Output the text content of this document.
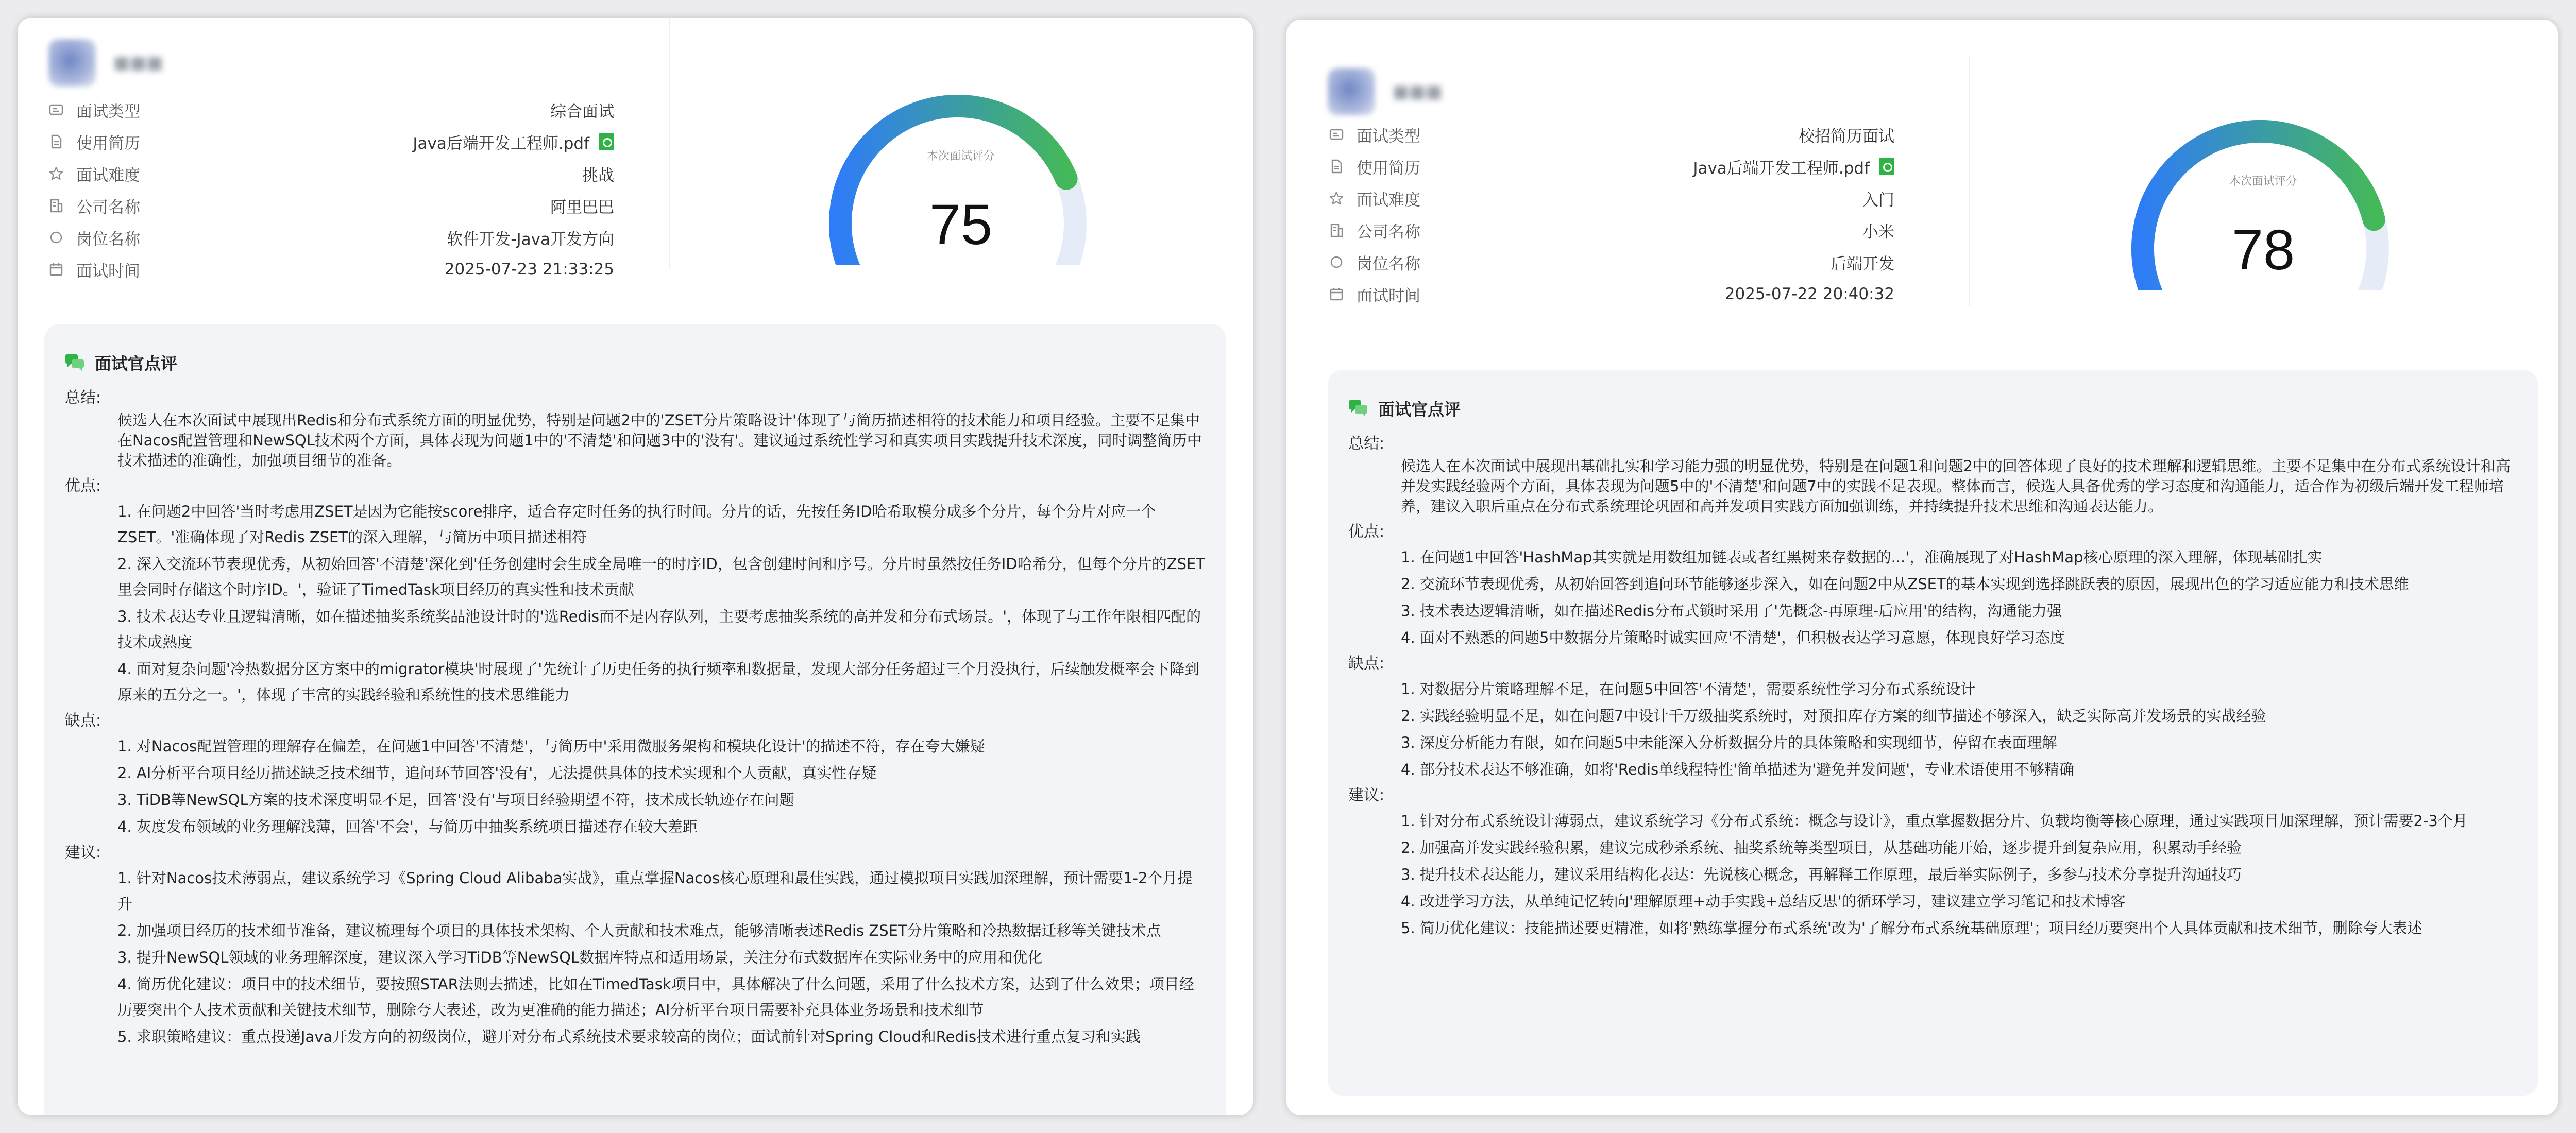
■■■
面试类型	综合面试
使用简历	Java后端开发工程师.pdf
面试难度	挑战
公司名称	阿里巴巴
岗位名称	软件开发-Java开发方向
面试时间	2025-07-23 21:33:25
本次面试评分
75
面试官点评
总结:
候选人在本次面试中展现出Redis和分布式系统方面的明显优势，特别是问题2中的'ZSET分片策略设计'体现了与简历描述相符的技术能力和项目经验。主要不足集中在Nacos配置管理和NewSQL技术两个方面，具体表现为问题1中的'不清楚'和问题3中的'没有'。建议通过系统性学习和真实项目实践提升技术深度，同时调整简历中技术描述的准确性，加强项目细节的准备。
优点:
1. 在问题2中回答'当时考虑用ZSET是因为它能按score排序，适合存定时任务的执行时间。分片的话，先按任务ID哈希取模分成多个分片，每个分片对应一个ZSET。'准确体现了对Redis ZSET的深入理解，与简历中项目描述相符
2. 深入交流环节表现优秀，从初始回答'不清楚'深化到'任务创建时会生成全局唯一的时序ID，包含创建时间和序号。分片时虽然按任务ID哈希分，但每个分片的ZSET里会同时存储这个时序ID。'，验证了TimedTask项目经历的真实性和技术贡献
3. 技术表达专业且逻辑清晰，如在描述抽奖系统奖品池设计时的'选Redis而不是内存队列，主要考虑抽奖系统的高并发和分布式场景。'，体现了与工作年限相匹配的技术成熟度
4. 面对复杂问题'冷热数据分区方案中的migrator模块'时展现了'先统计了历史任务的执行频率和数据量，发现大部分任务超过三个月没执行，后续触发概率会下降到原来的五分之一。'，体现了丰富的实践经验和系统性的技术思维能力
缺点:
1. 对Nacos配置管理的理解存在偏差，在问题1中回答'不清楚'，与简历中'采用微服务架构和模块化设计'的描述不符，存在夸大嫌疑
2. AI分析平台项目经历描述缺乏技术细节，追问环节回答'没有'，无法提供具体的技术实现和个人贡献，真实性存疑
3. TiDB等NewSQL方案的技术深度明显不足，回答'没有'与项目经验期望不符，技术成长轨迹存在问题
4. 灰度发布领域的业务理解浅薄，回答'不会'，与简历中抽奖系统项目描述存在较大差距
建议:
1. 针对Nacos技术薄弱点，建议系统学习《Spring Cloud Alibaba实战》，重点掌握Nacos核心原理和最佳实践，通过模拟项目实践加深理解，预计需要1-2个月提升
2. 加强项目经历的技术细节准备，建议梳理每个项目的具体技术架构、个人贡献和技术难点，能够清晰表述Redis ZSET分片策略和冷热数据迁移等关键技术点
3. 提升NewSQL领域的业务理解深度，建议深入学习TiDB等NewSQL数据库特点和适用场景，关注分布式数据库在实际业务中的应用和优化
4. 简历优化建议：项目中的技术细节，要按照STAR法则去描述，比如在TimedTask项目中，具体解决了什么问题，采用了什么技术方案，达到了什么效果；项目经历要突出个人技术贡献和关键技术细节，删除夸大表述，改为更准确的能力描述；AI分析平台项目需要补充具体业务场景和技术细节
5. 求职策略建议：重点投递Java开发方向的初级岗位，避开对分布式系统技术要求较高的岗位；面试前针对Spring Cloud和Redis技术进行重点复习和实践
■■■
面试类型	校招简历面试
使用简历	Java后端开发工程师.pdf
面试难度	入门
公司名称	小米
岗位名称	后端开发
面试时间	2025-07-22 20:40:32
本次面试评分
78
面试官点评
总结:
候选人在本次面试中展现出基础扎实和学习能力强的明显优势，特别是在问题1和问题2中的回答体现了良好的技术理解和逻辑思维。主要不足集中在分布式系统设计和高并发实践经验两个方面，具体表现为问题5中的'不清楚'和问题7中的实践不足表现。整体而言，候选人具备优秀的学习态度和沟通能力，适合作为初级后端开发工程师培养，建议入职后重点在分布式系统理论巩固和高并发项目实践方面加强训练，并持续提升技术思维和沟通表达能力。
优点:
1. 在问题1中回答'HashMap其实就是用数组加链表或者红黑树来存数据的...'，准确展现了对HashMap核心原理的深入理解，体现基础扎实
2. 交流环节表现优秀，从初始回答到追问环节能够逐步深入，如在问题2中从ZSET的基本实现到选择跳跃表的原因，展现出色的学习适应能力和技术思维
3. 技术表达逻辑清晰，如在描述Redis分布式锁时采用了'先概念-再原理-后应用'的结构，沟通能力强
4. 面对不熟悉的问题5中数据分片策略时诚实回应'不清楚'，但积极表达学习意愿，体现良好学习态度
缺点:
1. 对数据分片策略理解不足，在问题5中回答'不清楚'，需要系统性学习分布式系统设计
2. 实践经验明显不足，如在问题7中设计千万级抽奖系统时，对预扣库存方案的细节描述不够深入，缺乏实际高并发场景的实战经验
3. 深度分析能力有限，如在问题5中未能深入分析数据分片的具体策略和实现细节，停留在表面理解
4. 部分技术表达不够准确，如将'Redis单线程特性'简单描述为'避免并发问题'，专业术语使用不够精确
建议:
1. 针对分布式系统设计薄弱点，建议系统学习《分布式系统：概念与设计》，重点掌握数据分片、负载均衡等核心原理，通过实践项目加深理解，预计需要2-3个月
2. 加强高并发实践经验积累，建议完成秒杀系统、抽奖系统等类型项目，从基础功能开始，逐步提升到复杂应用，积累动手经验
3. 提升技术表达能力，建议采用结构化表达：先说核心概念，再解释工作原理，最后举实际例子，多参与技术分享提升沟通技巧
4. 改进学习方法，从单纯记忆转向'理解原理+动手实践+总结反思'的循环学习，建议建立学习笔记和技术博客
5. 简历优化建议：技能描述要更精准，如将'熟练掌握分布式系统'改为'了解分布式系统基础原理'；项目经历要突出个人具体贡献和技术细节，删除夸大表述
